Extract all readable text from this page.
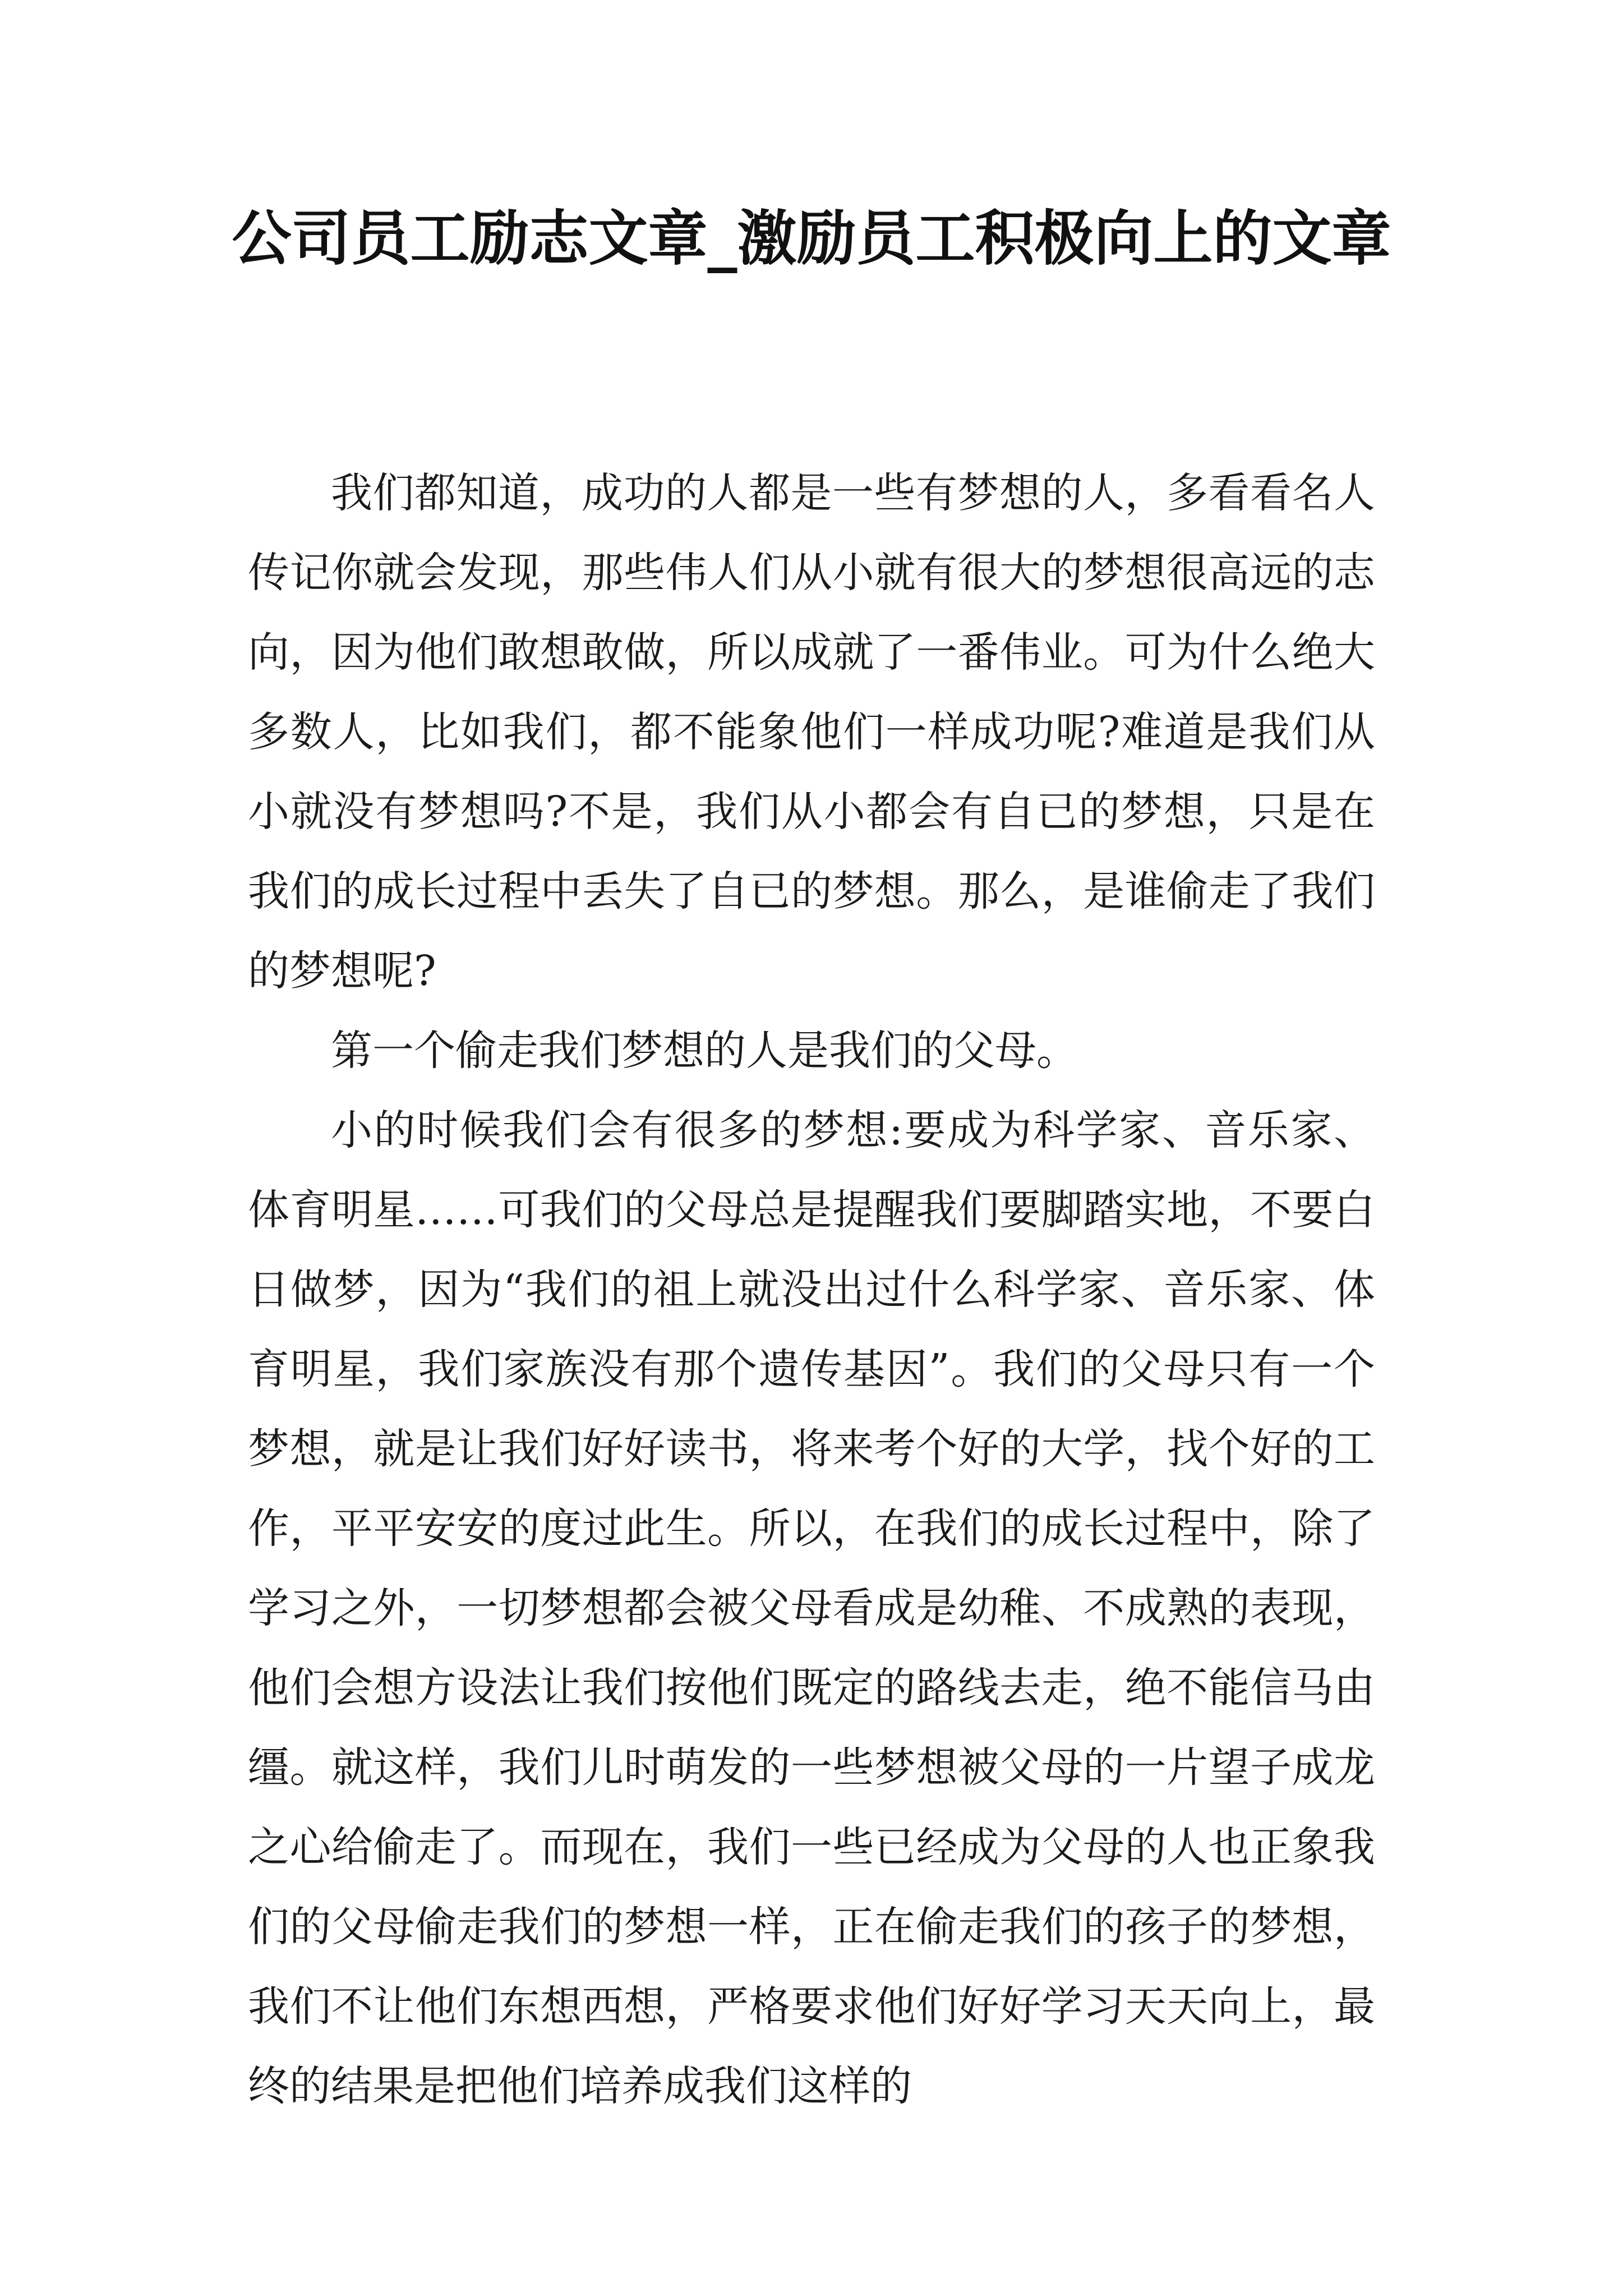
公司员工励志文章_激励员工积极向上的文章

我们都知道，成功的人都是一些有梦想的人，多看看名人传记你就会发现，那些伟人们从小就有很大的梦想很高远的志向，因为他们敢想敢做，所以成就了一番伟业。可为什么绝大多数人，比如我们，都不能象他们一样成功呢?难道是我们从小就没有梦想吗?不是，我们从小都会有自已的梦想，只是在我们的成长过程中丢失了自已的梦想。那么，是谁偷走了我们的梦想呢?

第一个偷走我们梦想的人是我们的父母。

小的时候我们会有很多的梦想:要成为科学家、音乐家、体育明星……可我们的父母总是提醒我们要脚踏实地，不要白日做梦，因为“我们的祖上就没出过什么科学家、音乐家、体育明星，我们家族没有那个遗传基因”。我们的父母只有一个梦想，就是让我们好好读书，将来考个好的大学，找个好的工作，平平安安的度过此生。所以，在我们的成长过程中，除了学习之外，一切梦想都会被父母看成是幼稚、不成熟的表现，他们会想方设法让我们按他们既定的路线去走，绝不能信马由缰。就这样，我们儿时萌发的一些梦想被父母的一片望子成龙之心给偷走了。而现在，我们一些已经成为父母的人也正象我们的父母偷走我们的梦想一样，正在偷走我们的孩子的梦想，我们不让他们东想西想，严格要求他们好好学习天天向上，最终的结果是把他们培养成我们这样的
